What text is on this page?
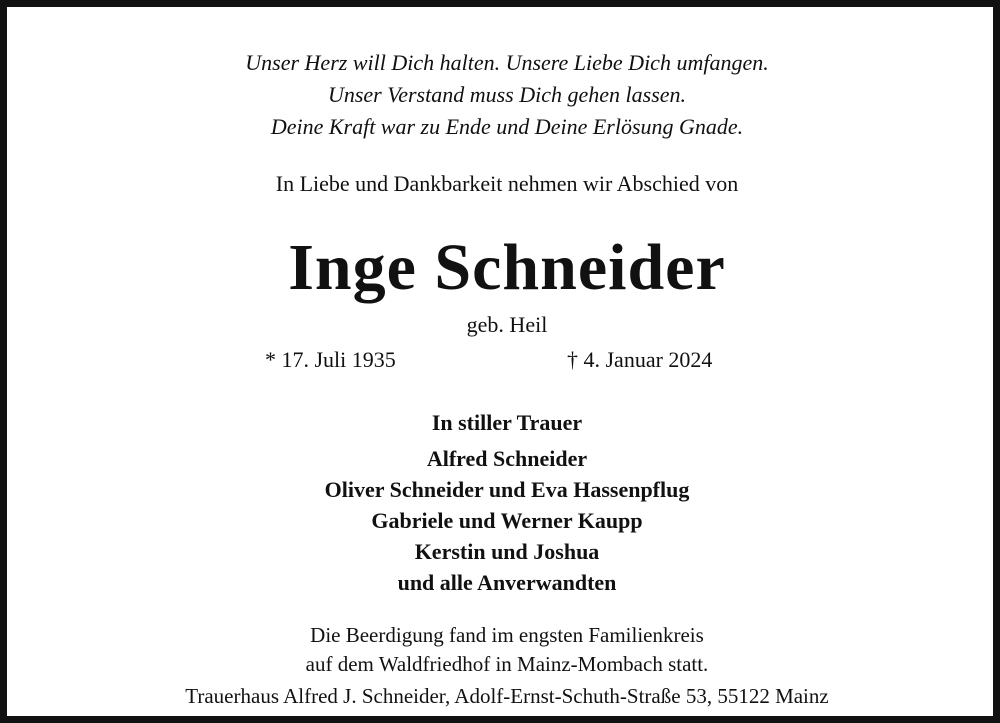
Unser Herz will Dich halten. Unsere Liebe Dich umfangen.
Unser Verstand muss Dich gehen lassen.
Deine Kraft war zu Ende und Deine Erlösung Gnade.
In Liebe und Dankbarkeit nehmen wir Abschied von
Inge Schneider
geb. Heil
* 17. Juli 1935	† 4. Januar 2024
In stiller Trauer
Alfred Schneider
Oliver Schneider und Eva Hassenpflug
Gabriele und Werner Kaupp
Kerstin und Joshua
und alle Anverwandten
Die Beerdigung fand im engsten Familienkreis
auf dem Waldfriedhof in Mainz-Mombach statt.
Trauerhaus Alfred J. Schneider, Adolf-Ernst-Schuth-Straße 53, 55122 Mainz
